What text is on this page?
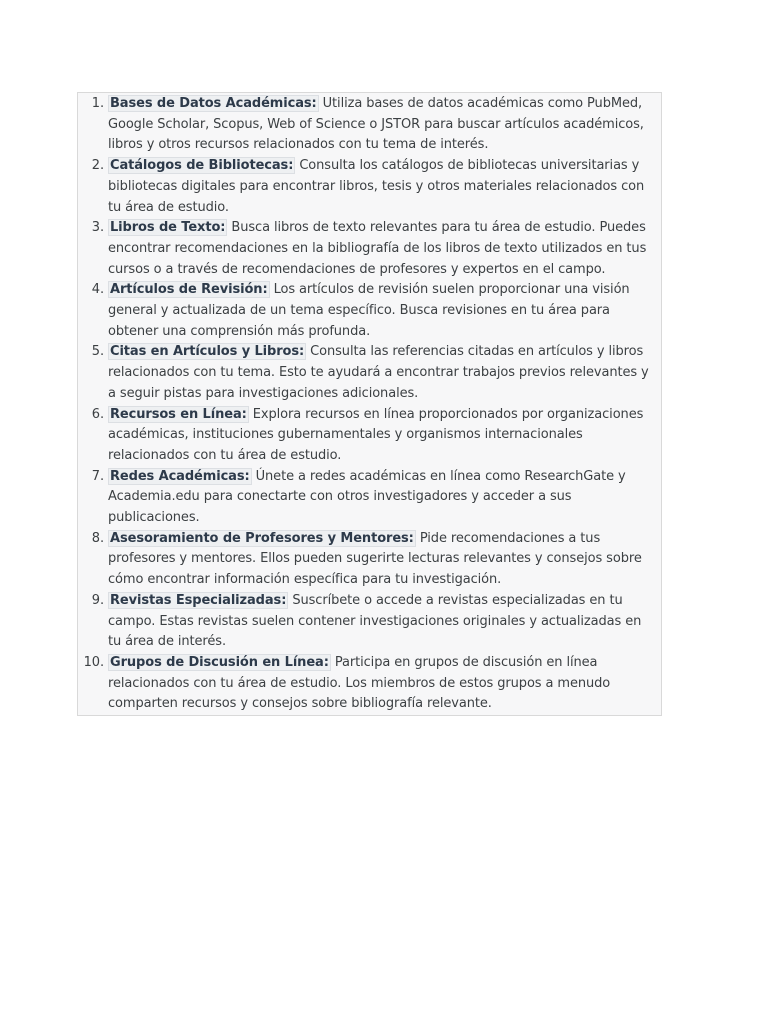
1. Bases de Datos Académicas: Utiliza bases de datos académicas como PubMed, Google Scholar, Scopus, Web of Science o JSTOR para buscar artículos académicos, libros y otros recursos relacionados con tu tema de interés.
2. Catálogos de Bibliotecas: Consulta los catálogos de bibliotecas universitarias y bibliotecas digitales para encontrar libros, tesis y otros materiales relacionados con tu área de estudio.
3. Libros de Texto: Busca libros de texto relevantes para tu área de estudio. Puedes encontrar recomendaciones en la bibliografía de los libros de texto utilizados en tus cursos o a través de recomendaciones de profesores y expertos en el campo.
4. Artículos de Revisión: Los artículos de revisión suelen proporcionar una visión general y actualizada de un tema específico. Busca revisiones en tu área para obtener una comprensión más profunda.
5. Citas en Artículos y Libros: Consulta las referencias citadas en artículos y libros relacionados con tu tema. Esto te ayudará a encontrar trabajos previos relevantes y a seguir pistas para investigaciones adicionales.
6. Recursos en Línea: Explora recursos en línea proporcionados por organizaciones académicas, instituciones gubernamentales y organismos internacionales relacionados con tu área de estudio.
7. Redes Académicas: Únete a redes académicas en línea como ResearchGate y Academia.edu para conectarte con otros investigadores y acceder a sus publicaciones.
8. Asesoramiento de Profesores y Mentores: Pide recomendaciones a tus profesores y mentores. Ellos pueden sugerirte lecturas relevantes y consejos sobre cómo encontrar información específica para tu investigación.
9. Revistas Especializadas: Suscríbete o accede a revistas especializadas en tu campo. Estas revistas suelen contener investigaciones originales y actualizadas en tu área de interés.
10. Grupos de Discusión en Línea: Participa en grupos de discusión en línea relacionados con tu área de estudio. Los miembros de estos grupos a menudo comparten recursos y consejos sobre bibliografía relevante.
